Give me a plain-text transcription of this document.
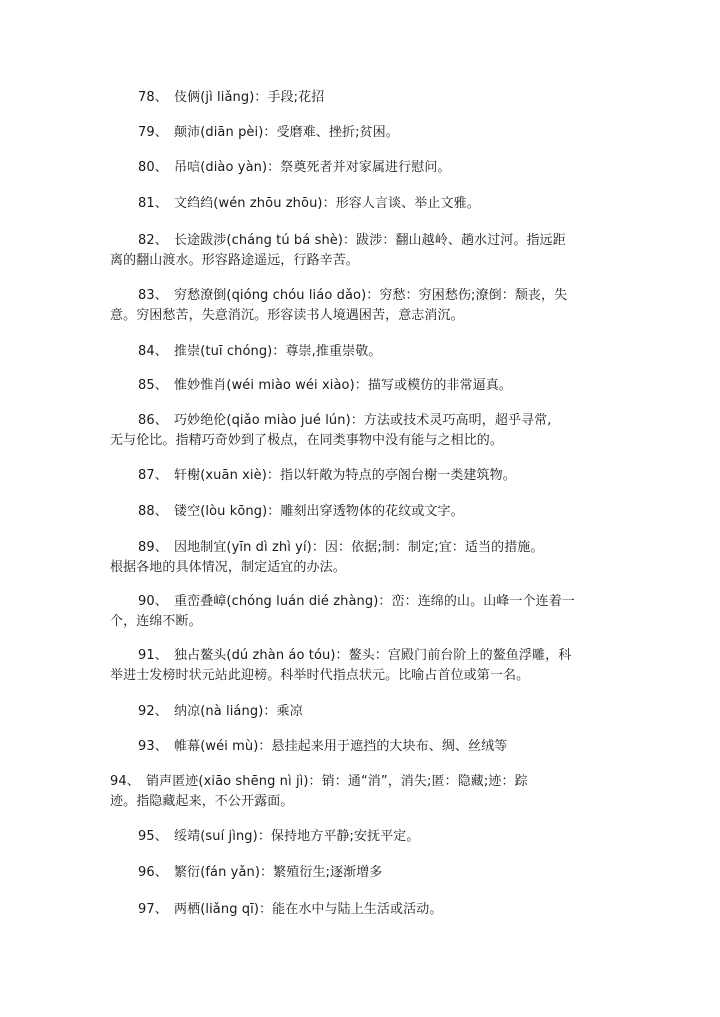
78、 伎俩(jì liǎng)：手段;花招
79、 颠沛(diān pèi)：受磨难、挫折;贫困。
80、 吊唁(diào yàn)：祭奠死者并对家属进行慰问。
81、 文绉绉(wén zhōu zhōu)：形容人言谈、举止文雅。
82、 长途跋涉(cháng tú bá shè)：跋涉：翻山越岭、趟水过河。指远距
离的翻山渡水。形容路途遥远，行路辛苦。
83、 穷愁潦倒(qióng chóu liáo dǎo)：穷愁：穷困愁伤;潦倒：颓丧，失
意。穷困愁苦，失意消沉。形容读书人境遇困苦，意志消沉。
84、 推崇(tuī chóng)：尊崇,推重崇敬。
85、 惟妙惟肖(wéi miào wéi xiào)：描写或模仿的非常逼真。
86、 巧妙绝伦(qiǎo miào jué lún)：方法或技术灵巧高明，超乎寻常,
无与伦比。指精巧奇妙到了极点，在同类事物中没有能与之相比的。
87、 轩榭(xuān xiè)：指以轩敞为特点的亭阁台榭一类建筑物。
88、 镂空(lòu kōng)：雕刻出穿透物体的花纹或文字。
89、 因地制宜(yīn dì zhì yí)：因：依据;制：制定;宜：适当的措施。
根据各地的具体情况，制定适宜的办法。
90、 重峦叠嶂(chóng luán dié zhàng)：峦：连绵的山。山峰一个连着一
个，连绵不断。
91、 独占鳌头(dú zhàn áo tóu)：鳌头：宫殿门前台阶上的鳌鱼浮雕，科
举进士发榜时状元站此迎榜。科举时代指点状元。比喻占首位或第一名。
92、 纳凉(nà liáng)：乘凉
93、 帷幕(wéi mù)：悬挂起来用于遮挡的大块布、绸、丝绒等
94、 销声匿迹(xiāo shēng nì jì)：销：通“消”，消失;匿：隐藏;迹：踪
迹。指隐藏起来，不公开露面。
95、 绥靖(suí jìng)：保持地方平静;安抚平定。
96、 繁衍(fán yǎn)：繁殖衍生;逐渐增多
97、 两栖(liǎng qī)：能在水中与陆上生活或活动。
